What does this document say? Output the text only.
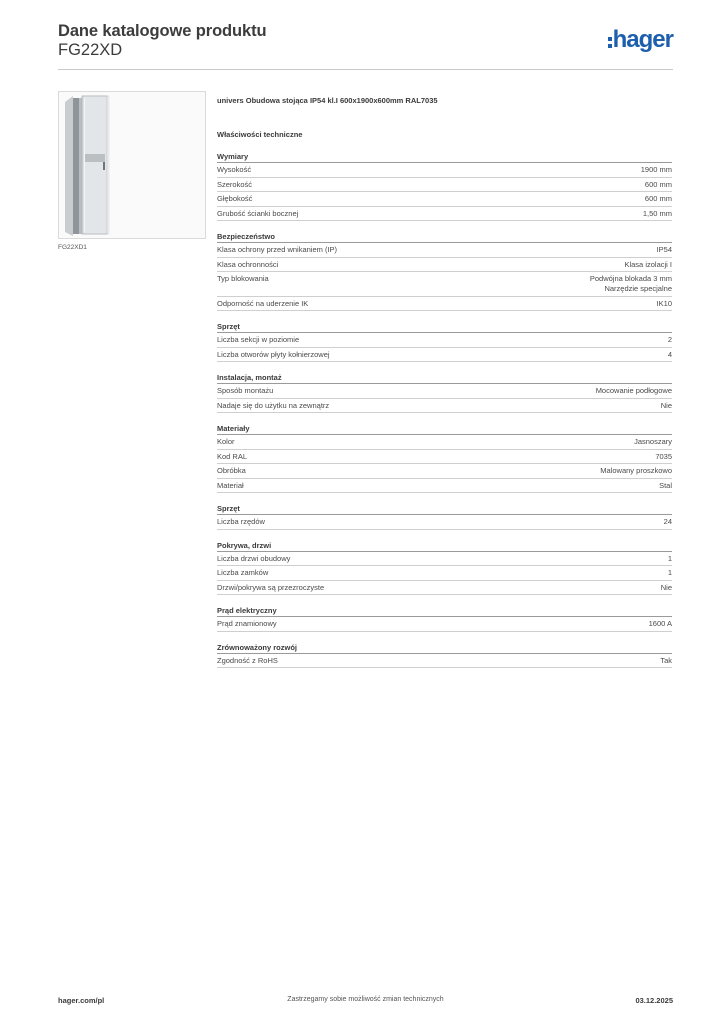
Dane katalogowe produktu
FG22XD	hager
FG22XD1
univers Obudowa stojąca IP54 kl.I 600x1900x600mm RAL7035
Właściwości techniczne
Wymiary
Wysokość	1900 mm
Szerokość	600 mm
Głębokość	600 mm
Grubość ścianki bocznej	1,50 mm
Bezpieczeństwo
Klasa ochrony przed wnikaniem (IP)	IP54
Klasa ochronności	Klasa izolacji I
Typ blokowania	Podwójna blokada 3 mm
Narzędzie specjalne
Odporność na uderzenie IK	IK10
Sprzęt
Liczba sekcji w poziomie	2
Liczba otworów płyty kołnierzowej	4
Instalacja, montaż
Sposób montażu	Mocowanie podłogowe
Nadaje się do użytku na zewnątrz	Nie
Materiały
Kolor	Jasnoszary
Kod RAL	7035
Obróbka	Malowany proszkowo
Materiał	Stal
Sprzęt
Liczba rzędów	24
Pokrywa, drzwi
Liczba drzwi obudowy	1
Liczba zamków	1
Drzwi/pokrywa są przezroczyste	Nie
Prąd elektryczny
Prąd znamionowy	1600 A
Zrównoważony rozwój
Zgodność z RoHS	Tak
Zastrzegamy sobie możliwość zmian technicznych
hager.com/pl	03.12.2025
